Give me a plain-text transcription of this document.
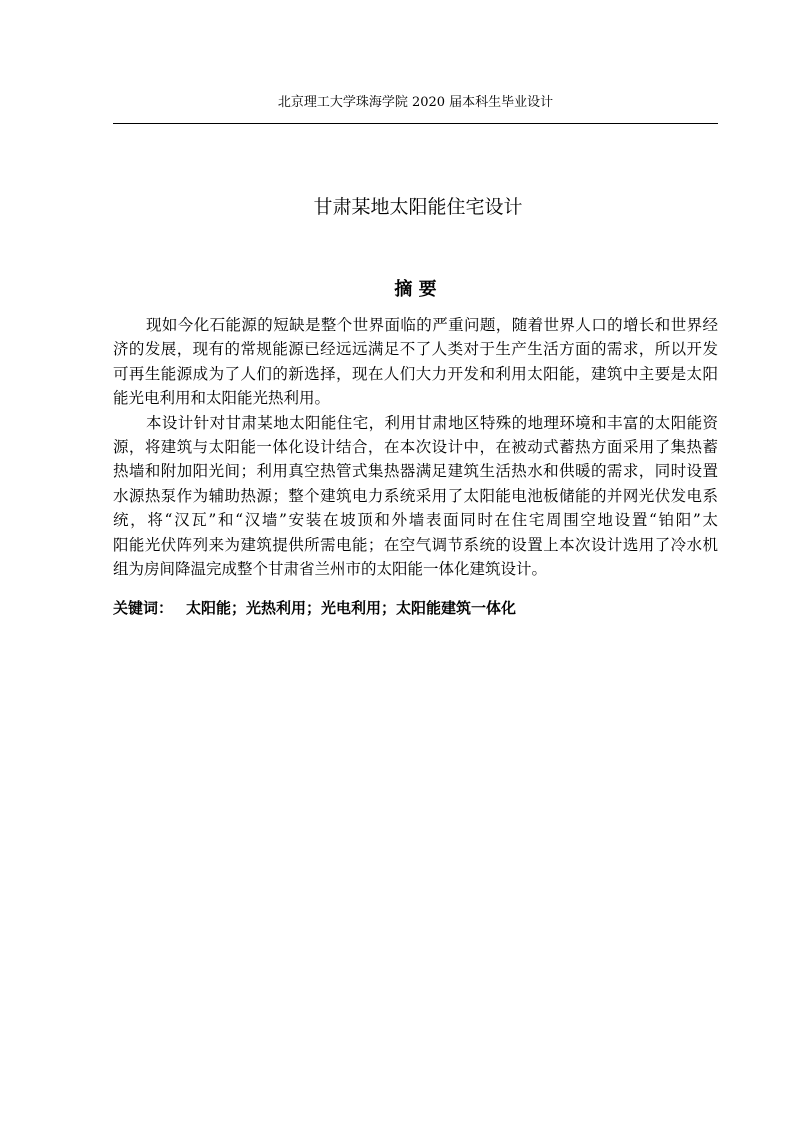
北京理工大学珠海学院 2020 届本科生毕业设计
甘肃某地太阳能住宅设计
摘 要
现如今化石能源的短缺是整个世界面临的严重问题，随着世界人口的增长和世界经
济的发展，现有的常规能源已经远远满足不了人类对于生产生活方面的需求，所以开发
可再生能源成为了人们的新选择，现在人们大力开发和利用太阳能，建筑中主要是太阳
能光电利用和太阳能光热利用。
本设计针对甘肃某地太阳能住宅，利用甘肃地区特殊的地理环境和丰富的太阳能资
源，将建筑与太阳能一体化设计结合，在本次设计中，在被动式蓄热方面采用了集热蓄
热墙和附加阳光间；利用真空热管式集热器满足建筑生活热水和供暖的需求，同时设置
水源热泵作为辅助热源；整个建筑电力系统采用了太阳能电池板储能的并网光伏发电系
统，将“汉瓦”和“汉墙”安装在坡顶和外墙表面同时在住宅周围空地设置“铂阳”太
阳能光伏阵列来为建筑提供所需电能；在空气调节系统的设置上本次设计选用了冷水机
组为房间降温完成整个甘肃省兰州市的太阳能一体化建筑设计。
关键词： 太阳能；光热利用；光电利用；太阳能建筑一体化
